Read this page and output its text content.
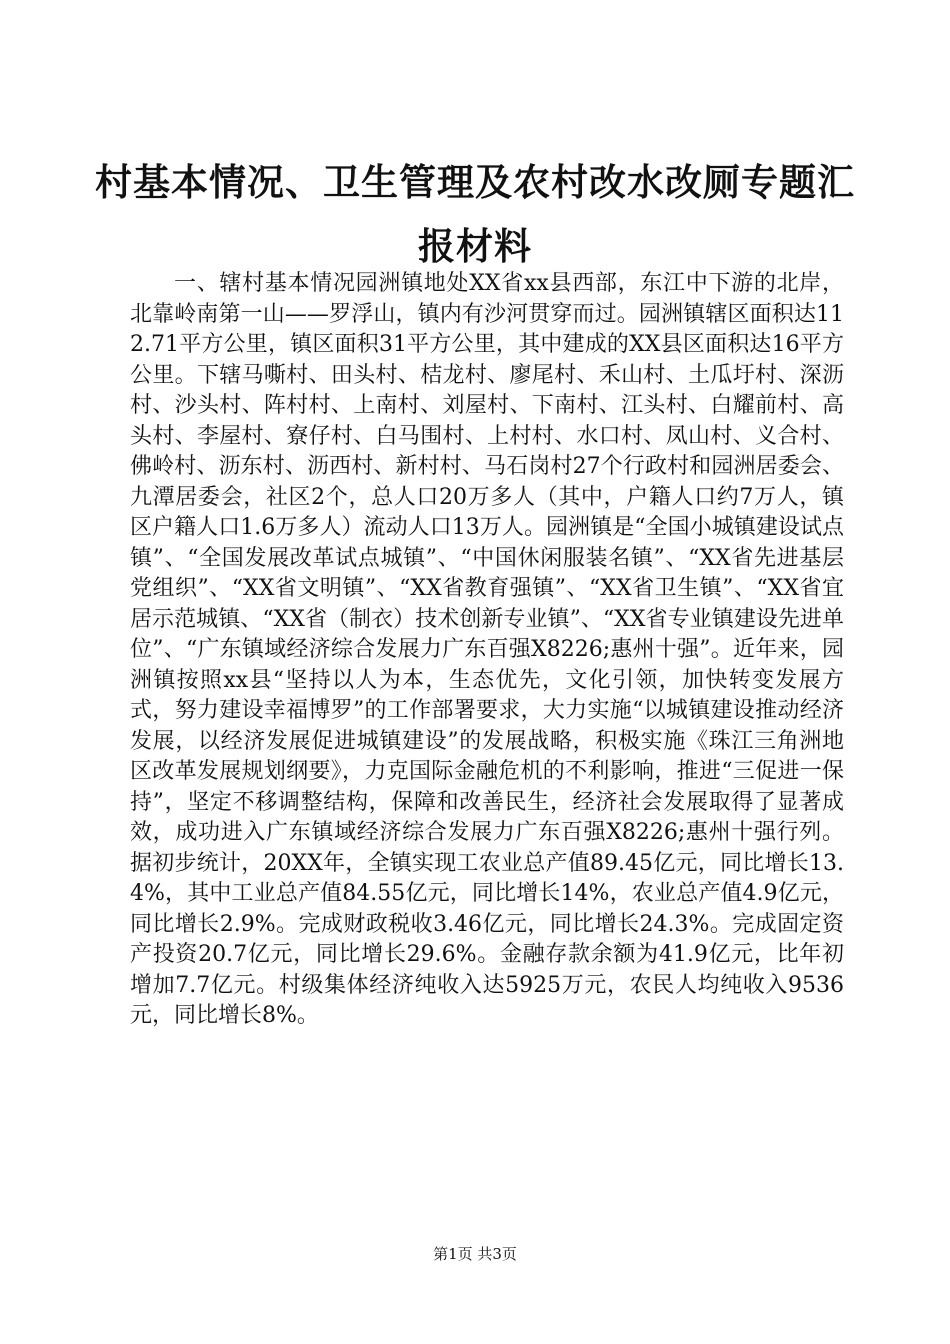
村基本情况、卫生管理及农村改水改厕专题汇报材料

一、辖村基本情况园洲镇地处XX省xx县西部，东江中下游的北岸，北靠岭南第一山——罗浮山，镇内有沙河贯穿而过。园洲镇辖区面积达112.71平方公里，镇区面积31平方公里，其中建成的XX县区面积达16平方公里。下辖马嘶村、田头村、桔龙村、廖尾村、禾山村、土瓜圩村、深沥村、沙头村、阵村村、上南村、刘屋村、下南村、江头村、白耀前村、高头村、李屋村、寮仔村、白马围村、上村村、水口村、凤山村、义合村、佛岭村、沥东村、沥西村、新村村、马石岗村27个行政村和园洲居委会、九潭居委会，社区2个，总人口20万多人（其中，户籍人口约7万人，镇区户籍人口1.6万多人）流动人口13万人。园洲镇是“全国小城镇建设试点镇”、“全国发展改革试点城镇”、“中国休闲服装名镇”、“XX省先进基层党组织”、“XX省文明镇”、“XX省教育强镇”、“XX省卫生镇”、“XX省宜居示范城镇、“XX省（制衣）技术创新专业镇”、“XX省专业镇建设先进单位”、“广东镇域经济综合发展力广东百强X8226;惠州十强”。近年来，园洲镇按照xx县“坚持以人为本，生态优先，文化引领，加快转变发展方式，努力建设幸福博罗”的工作部署要求，大力实施“以城镇建设推动经济发展，以经济发展促进城镇建设”的发展战略，积极实施《珠江三角洲地区改革发展规划纲要》，力克国际金融危机的不利影响，推进“三促进一保持”，坚定不移调整结构，保障和改善民生，经济社会发展取得了显著成效，成功进入广东镇域经济综合发展力广东百强X8226;惠州十强行列。据初步统计，20XX年，全镇实现工农业总产值89.45亿元，同比增长13.4%，其中工业总产值84.55亿元，同比增长14%，农业总产值4.9亿元，同比增长2.9%。完成财政税收3.46亿元，同比增长24.3%。完成固定资产投资20.7亿元，同比增长29.6%。金融存款余额为41.9亿元，比年初增加7.7亿元。村级集体经济纯收入达5925万元，农民人均纯收入9536元，同比增长8%。

第1页 共3页
